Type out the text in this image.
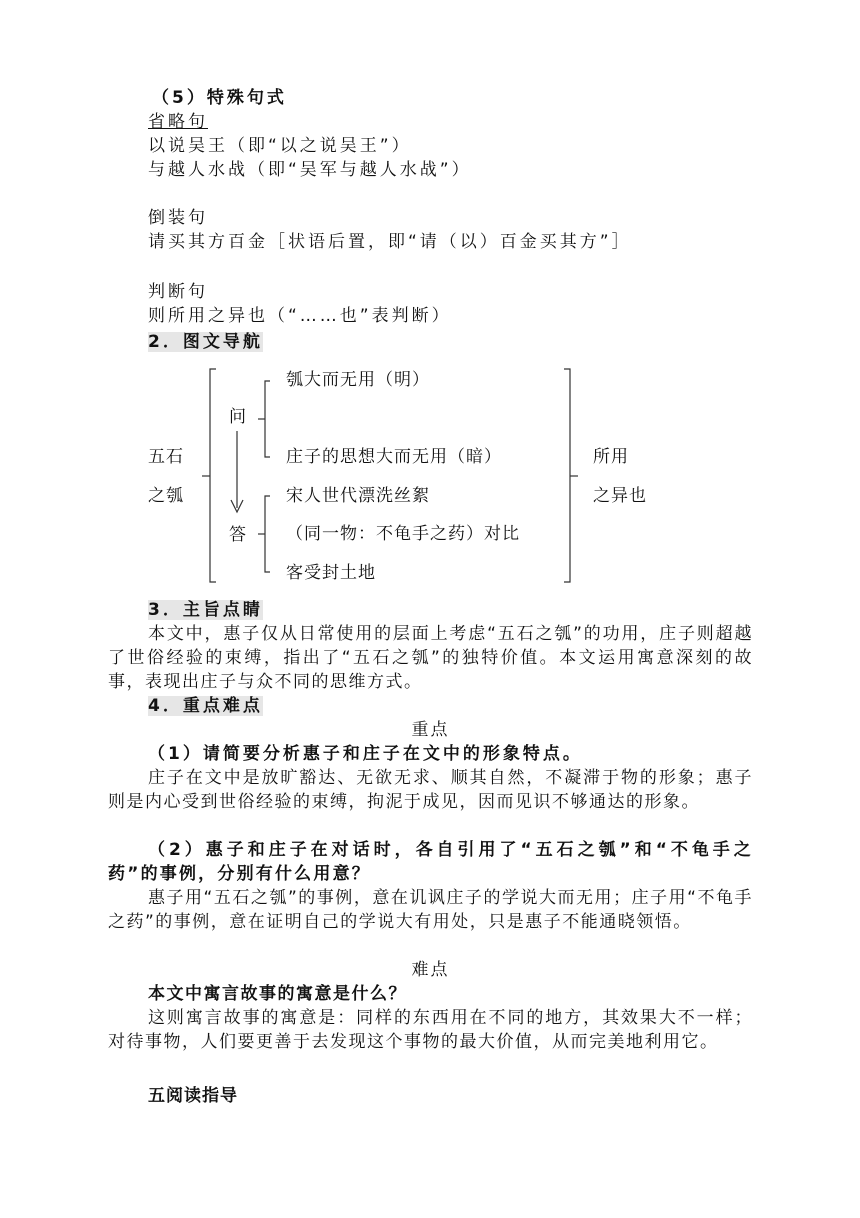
（5）特殊句式
省略句
以说吴王（即“以之说吴王”）
与越人水战（即“吴军与越人水战”）
倒装句
请买其方百金［状语后置，即“请（以）百金买其方”］
判断句
则所用之异也（“……也”表判断）
2．图文导航
五石
之瓠
问
答
瓠大而无用（明）
庄子的思想大而无用（暗）
宋人世代漂洗丝絮
（同一物：不龟手之药）对比
客受封土地
所用
之异也
3．主旨点睛

本文中，惠子仅从日常使用的层面上考虑“五石之瓠”的功用，庄子则超越了世俗经验的束缚，指出了“五石之瓠”的独特价值。本文运用寓意深刻的故事，表现出庄子与众不同的思维方式。

4．重点难点
重点
（1）请简要分析惠子和庄子在文中的形象特点。

庄子在文中是放旷豁达、无欲无求、顺其自然，不凝滞于物的形象；惠子则是内心受到世俗经验的束缚，拘泥于成见，因而见识不够通达的形象。

（2）惠子和庄子在对话时，各自引用了“五石之瓠”和“不龟手之药”的事例，分别有什么用意？

惠子用“五石之瓠”的事例，意在讥讽庄子的学说大而无用；庄子用“不龟手之药”的事例，意在证明自己的学说大有用处，只是惠子不能通晓领悟。

难点
本文中寓言故事的寓意是什么？

这则寓言故事的寓意是：同样的东西用在不同的地方，其效果大不一样；对待事物，人们要更善于去发现这个事物的最大价值，从而完美地利用它。

五阅读指导
